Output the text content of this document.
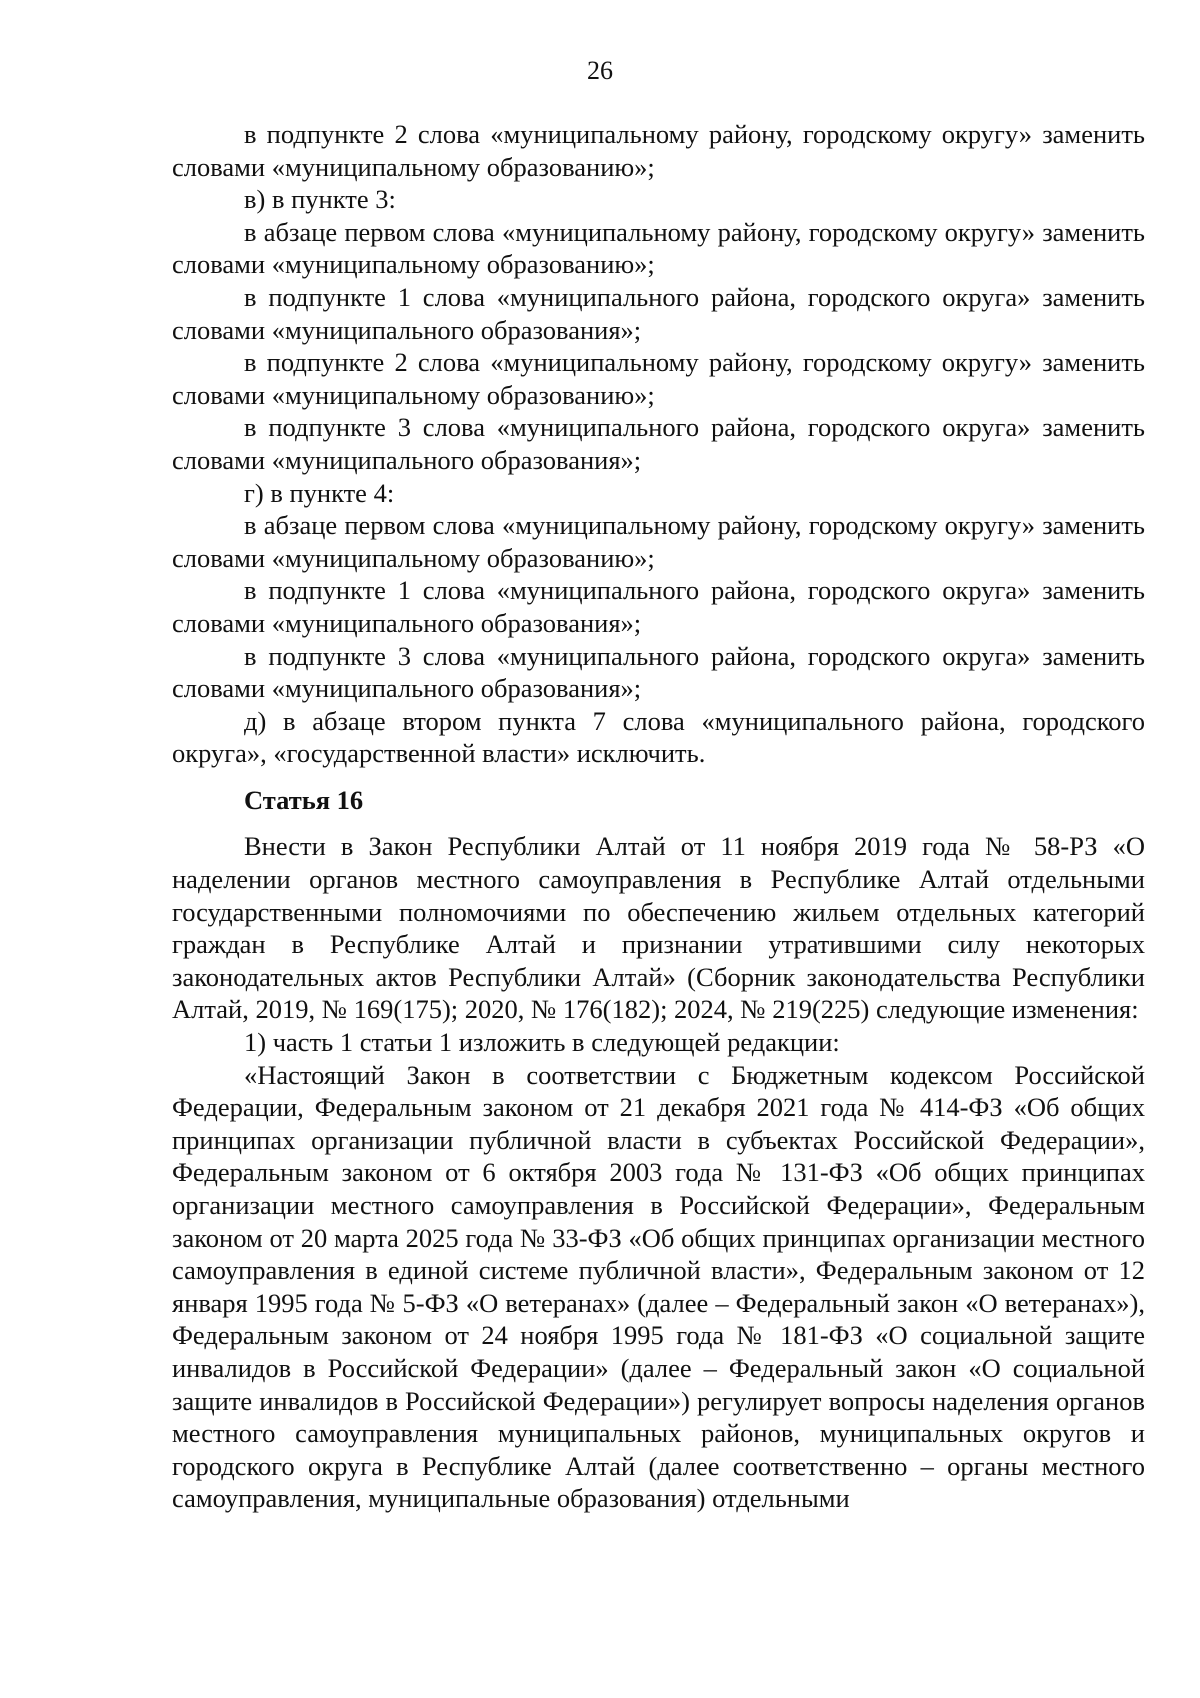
26

в подпункте 2 слова «муниципальному району, городскому округу» заменить словами «муниципальному образованию»;

в) в пункте 3:

в абзаце первом слова «муниципальному району, городскому округу» заменить словами «муниципальному образованию»;

в подпункте 1 слова «муниципального района, городского округа» заменить словами «муниципального образования»;

в подпункте 2 слова «муниципальному району, городскому округу» заменить словами «муниципальному образованию»;

в подпункте 3 слова «муниципального района, городского округа» заменить словами «муниципального образования»;

г) в пункте 4:

в абзаце первом слова «муниципальному району, городскому округу» заменить словами «муниципальному образованию»;

в подпункте 1 слова «муниципального района, городского округа» заменить словами «муниципального образования»;

в подпункте 3 слова «муниципального района, городского округа» заменить словами «муниципального образования»;

д) в абзаце втором пункта 7 слова «муниципального района, городского округа», «государственной власти» исключить.

Статья 16

Внести в Закон Республики Алтай от 11 ноября 2019 года № 58-РЗ «О наделении органов местного самоуправления в Республике Алтай отдельными государственными полномочиями по обеспечению жильем отдельных категорий граждан в Республике Алтай и признании утратившими силу некоторых законодательных актов Республики Алтай» (Сборник законодательства Республики Алтай, 2019, № 169(175); 2020, № 176(182); 2024, № 219(225) следующие изменения:

1) часть 1 статьи 1 изложить в следующей редакции:

«Настоящий Закон в соответствии с Бюджетным кодексом Российской Федерации, Федеральным законом от 21 декабря 2021 года № 414-ФЗ «Об общих принципах организации публичной власти в субъектах Российской Федерации», Федеральным законом от 6 октября 2003 года № 131-ФЗ «Об общих принципах организации местного самоуправления в Российской Федерации», Федеральным законом от 20 марта 2025 года № 33-ФЗ «Об общих принципах организации местного самоуправления в единой системе публичной власти», Федеральным законом от 12 января 1995 года № 5-ФЗ «О ветеранах» (далее – Федеральный закон «О ветеранах»), Федеральным законом от 24 ноября 1995 года № 181-ФЗ «О социальной защите инвалидов в Российской Федерации» (далее – Федеральный закон «О социальной защите инвалидов в Российской Федерации») регулирует вопросы наделения органов местного самоуправления муниципальных районов, муниципальных округов и городского округа в Республике Алтай (далее соответственно – органы местного самоуправления, муниципальные образования) отдельными
